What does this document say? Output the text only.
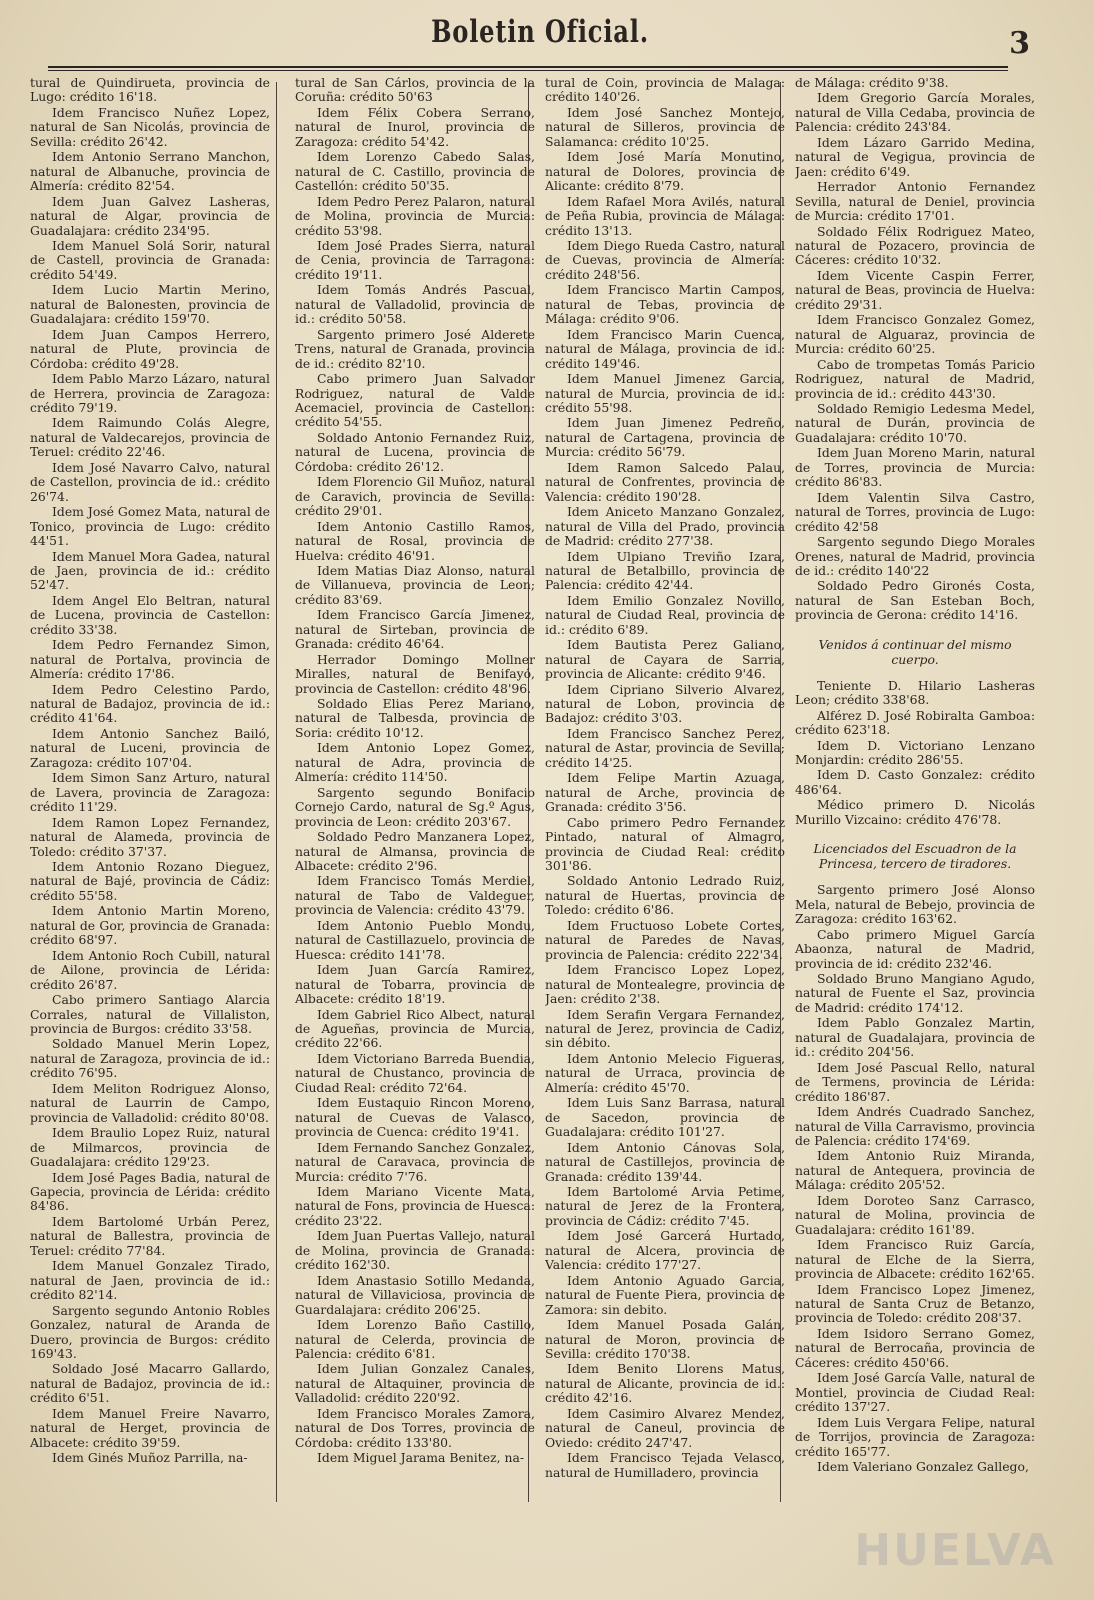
Boletin Oficial.	3

tural de Quindirueta, provincia de Lugo: crédito 16'18.

Idem Francisco Nuñez Lopez, natural de San Nicolás, provincia de Sevilla: crédito 26'42.

Idem Antonio Serrano Manchon, natural de Albanuche, provincia de Almería: crédito 82'54.

Idem Juan Galvez Lasheras, natural de Algar, provincia de Guadalajara: crédito 234'95.

Idem Manuel Solá Sorir, natural de Castell, provincia de Granada: crédito 54'49.

Idem Lucio Martin Merino, natural de Balonesten, provincia de Guadalajara: crédito 159'70.

Idem Juan Campos Herrero, natural de Plute, provincia de Córdoba: crédito 49'28.

Idem Pablo Marzo Lázaro, natural de Herrera, provincia de Zaragoza: crédito 79'19.

Idem Raimundo Colás Alegre, natural de Valdecarejos, provincia de Teruel: crédito 22'46.

Idem José Navarro Calvo, natural de Castellon, provincia de id.: crédito 26'74.

Idem José Gomez Mata, natural de Tonico, provincia de Lugo: crédito 44'51.

Idem Manuel Mora Gadea, natural de Jaen, provincia de id.: crédito 52'47.

Idem Angel Elo Beltran, natural de Lucena, provincia de Castellon: crédito 33'38.

Idem Pedro Fernandez Simon, natural de Portalva, provincia de Almería: crédito 17'86.

Idem Pedro Celestino Pardo, natural de Badajoz, provincia de id.: crédito 41'64.

Idem Antonio Sanchez Bailó, natural de Luceni, provincia de Zaragoza: crédito 107'04.

Idem Simon Sanz Arturo, natural de Lavera, provincia de Zaragoza: crédito 11'29.

Idem Ramon Lopez Fernandez, natural de Alameda, provincia de Toledo: crédito 37'37.

Idem Antonio Rozano Dieguez, natural de Bajé, provincia de Cádiz: crédito 55'58.

Idem Antonio Martin Moreno, natural de Gor, provincia de Granada: crédito 68'97.

Idem Antonio Roch Cubill, natural de Ailone, provincia de Lérida: crédito 26'87.

Cabo primero Santiago Alarcia Corrales, natural de Villaliston, provincia de Burgos: crédito 33'58.

Soldado Manuel Merin Lopez, natural de Zaragoza, provincia de id.: crédito 76'95.

Idem Meliton Rodriguez Alonso, natural de Laurrin de Campo, provincia de Valladolid: crédito 80'08.

Idem Braulio Lopez Ruiz, natural de Milmarcos, provincia de Guadalajara: crédito 129'23.

Idem José Pages Badia, natural de Gapecia, provincia de Lérida: crédito 84'86.

Idem Bartolomé Urbán Perez, natural de Ballestra, provincia de Teruel: crédito 77'84.

Idem Manuel Gonzalez Tirado, natural de Jaen, provincia de id.: crédito 82'14.

Sargento segundo Antonio Robles Gonzalez, natural de Aranda de Duero, provincia de Burgos: crédito 169'43.

Soldado José Macarro Gallardo, natural de Badajoz, provincia de id.: crédito 6'51.

Idem Manuel Freire Navarro, natural de Herget, provincia de Albacete: crédito 39'59.

Idem Ginés Muñoz Parrilla, na-

tural de San Cárlos, provincia de la Coruña: crédito 50'63

Idem Félix Cobera Serrano, natural de Inurol, provincia de Zaragoza: crédito 54'42.

Idem Lorenzo Cabedo Salas, natural de C. Castillo, provincia de Castellón: crédito 50'35.

Idem Pedro Perez Palaron, natural de Molina, provincia de Murcia: crédito 53'98.

Idem José Prades Sierra, natural de Cenia, provincia de Tarragona: crédito 19'11.

Idem Tomás Andrés Pascual, natural de Valladolid, provincia de id.: crédito 50'58.

Sargento primero José Alderete Trens, natural de Granada, provincia de id.: crédito 82'10.

Cabo primero Juan Salvador Rodriguez, natural de Valde Acemaciel, provincia de Castellon: crédito 54'55.

Soldado Antonio Fernandez Ruiz, natural de Lucena, provincia de Córdoba: crédito 26'12.

Idem Florencio Gil Muñoz, natural de Caravich, provincia de Sevilla: crédito 29'01.

Idem Antonio Castillo Ramos, natural de Rosal, provincia de Huelva: crédito 46'91.

Idem Matias Diaz Alonso, natural de Villanueva, provincia de Leon; crédito 83'69.

Idem Francisco García Jimenez, natural de Sirteban, provincia de Granada: crédito 46'64.

Herrador Domingo Mollner Miralles, natural de Benifayó, provincia de Castellon: crédito 48'96.

Soldado Elias Perez Mariano, natural de Talbesda, provincia de Soria: crédito 10'12.

Idem Antonio Lopez Gomez, natural de Adra, provincia de Almería: crédito 114'50.

Sargento segundo Bonifacio Cornejo Cardo, natural de Sg.º Agus, provincia de Leon: crédito 203'67.

Soldado Pedro Manzanera Lopez, natural de Almansa, provincia de Albacete: crédito 2'96.

Idem Francisco Tomás Merdiel, natural de Tabo de Valdeguer, provincia de Valencia: crédito 43'79.

Idem Antonio Pueblo Mondu, natural de Castillazuelo, provincia de Huesca: crédito 141'78.

Idem Juan García Ramirez, natural de Tobarra, provincia de Albacete: crédito 18'19.

Idem Gabriel Rico Albect, natural de Agueñas, provincia de Murcia, crédito 22'66.

Idem Victoriano Barreda Buendia, natural de Chustanco, provincia de Ciudad Real: crédito 72'64.

Idem Eustaquio Rincon Moreno, natural de Cuevas de Valasco, provincia de Cuenca: crédito 19'41.

Idem Fernando Sanchez Gonzalez, natural de Caravaca, provincia de Murcia: crédito 7'76.

Idem Mariano Vicente Mata, natural de Fons, provincia de Huesca: crédito 23'22.

Idem Juan Puertas Vallejo, natural de Molina, provincia de Granada: crédito 162'30.

Idem Anastasio Sotillo Medanda, natural de Villaviciosa, provincia de Guardalajara: crédito 206'25.

Idem Lorenzo Baño Castillo, natural de Celerda, provincia de Palencia: crédito 6'81.

Idem Julian Gonzalez Canales, natural de Altaquiner, provincia de Valladolid: crédito 220'92.

Idem Francisco Morales Zamora, natural de Dos Torres, provincia de Córdoba: crédito 133'80.

Idem Miguel Jarama Benitez, na-

tural de Coin, provincia de Malaga: crédito 140'26.

Idem José Sanchez Montejo, natural de Silleros, provincia de Salamanca: crédito 10'25.

Idem José María Monutino, natural de Dolores, provincia de Alicante: crédito 8'79.

Idem Rafael Mora Avilés, natural de Peña Rubia, provincia de Málaga: crédito 13'13.

Idem Diego Rueda Castro, natural de Cuevas, provincia de Almería: crédito 248'56.

Idem Francisco Martin Campos, natural de Tebas, provincia de Málaga: crédito 9'06.

Idem Francisco Marin Cuenca, natural de Málaga, provincia de id.: crédito 149'46.

Idem Manuel Jimenez Garcia, natural de Murcia, provincia de id.: crédito 55'98.

Idem Juan Jimenez Pedreño, natural de Cartagena, provincia de Murcia: crédito 56'79.

Idem Ramon Salcedo Palau, natural de Confrentes, provincia de Valencia: crédito 190'28.

Idem Aniceto Manzano Gonzalez, natural de Villa del Prado, provincia de Madrid: crédito 277'38.

Idem Ulpiano Treviño Izara, natural de Betalbillo, provincia de Palencia: crédito 42'44.

Idem Emilio Gonzalez Novillo, natural de Ciudad Real, provincia de id.: crédito 6'89.

Idem Bautista Perez Galiano, natural de Cayara de Sarria, provincia de Alicante: crédito 9'46.

Idem Cipriano Silverio Alvarez, natural de Lobon, provincia de Badajoz: crédito 3'03.

Idem Francisco Sanchez Perez, natural de Astar, provincia de Sevilla; crédito 14'25.

Idem Felipe Martin Azuaga, natural de Arche, provincia de Granada: crédito 3'56.

Cabo primero Pedro Fernandez Pintado, natural of Almagro, provincia de Ciudad Real: crédito 301'86.

Soldado Antonio Ledrado Ruiz, natural de Huertas, provincia de Toledo: crédito 6'86.

Idem Fructuoso Lobete Cortes, natural de Paredes de Navas, provincia de Palencia: crédito 222'34.

Idem Francisco Lopez Lopez, natural de Montealegre, provincia de Jaen: crédito 2'38.

Idem Serafin Vergara Fernandez, natural de Jerez, provincia de Cadiz, sin débito.

Idem Antonio Melecio Figueras, natural de Urraca, provincia de Almería: crédito 45'70.

Idem Luis Sanz Barrasa, natural de Sacedon, provincia de Guadalajara: crédito 101'27.

Idem Antonio Cánovas Sola, natural de Castillejos, provincia de Granada: crédito 139'44.

Idem Bartolomé Arvia Petime, natural de Jerez de la Frontera, provincia de Cádiz: crédito 7'45.

Idem José Garcerá Hurtado, natural de Alcera, provincia de Valencia: crédito 177'27.

Idem Antonio Aguado Garcia, natural de Fuente Piera, provincia de Zamora: sin debito.

Idem Manuel Posada Galán, natural de Moron, provincia de Sevilla: crédito 170'38.

Idem Benito Llorens Matus, natural de Alicante, provincia de id.: crédito 42'16.

Idem Casimiro Alvarez Mendez, natural de Caneul, provincia de Oviedo: crédito 247'47.

Idem Francisco Tejada Velasco, natural de Humilladero, provincia

de Málaga: crédito 9'38.

Idem Gregorio García Morales, natural de Villa Cedaba, provincia de Palencia: crédito 243'84.

Idem Lázaro Garrido Medina, natural de Vegigua, provincia de Jaen: crédito 6'49.

Herrador Antonio Fernandez Sevilla, natural de Deniel, provincia de Murcia: crédito 17'01.

Soldado Félix Rodriguez Mateo, natural de Pozacero, provincia de Cáceres: crédito 10'32.

Idem Vicente Caspin Ferrer, natural de Beas, provincia de Huelva: crédito 29'31.

Idem Francisco Gonzalez Gomez, natural de Alguaraz, provincia de Murcia: crédito 60'25.

Cabo de trompetas Tomás Paricio Rodriguez, natural de Madrid, provincia de id.: crédito 443'30.

Soldado Remigio Ledesma Medel, natural de Durán, provincia de Guadalajara: crédito 10'70.

Idem Juan Moreno Marin, natural de Torres, provincia de Murcia: crédito 86'83.

Idem Valentin Silva Castro, natural de Torres, provincia de Lugo: crédito 42'58

Sargento segundo Diego Morales Orenes, natural de Madrid, provincia de id.: crédito 140'22

Soldado Pedro Gironés Costa, natural de San Esteban Boch, provincia de Gerona: crédito 14'16.

Venidos á continuar del mismo cuerpo.

Teniente D. Hilario Lasheras Leon; crédito 338'68.

Alférez D. José Robiralta Gamboa: crédito 623'18.

Idem D. Victoriano Lenzano Monjardin: crédito 286'55.

Idem D. Casto Gonzalez: crédito 486'64.

Médico primero D. Nicolás Murillo Vizcaino: crédito 476'78.

Licenciados del Escuadron de la Princesa, tercero de tiradores.

Sargento primero José Alonso Mela, natural de Bebejo, provincia de Zaragoza: crédito 163'62.

Cabo primero Miguel García Abaonza, natural de Madrid, provincia de id: crédito 232'46.

Soldado Bruno Mangiano Agudo, natural de Fuente el Saz, provincia de Madrid: crédito 174'12.

Idem Pablo Gonzalez Martin, natural de Guadalajara, provincia de id.: crédito 204'56.

Idem José Pascual Rello, natural de Termens, provincia de Lérida: crédito 186'87.

Idem Andrés Cuadrado Sanchez, natural de Villa Carravismo, provincia de Palencia: crédito 174'69.

Idem Antonio Ruiz Miranda, natural de Antequera, provincia de Málaga: crédito 205'52.

Idem Doroteo Sanz Carrasco, natural de Molina, provincia de Guadalajara: crédito 161'89.

Idem Francisco Ruiz García, natural de Elche de la Sierra, provincia de Albacete: crédito 162'65.

Idem Francisco Lopez Jimenez, natural de Santa Cruz de Betanzo, provincia de Toledo: crédito 208'37.

Idem Isidoro Serrano Gomez, natural de Berrocaña, provincia de Cáceres: crédito 450'66.

Idem José García Valle, natural de Montiel, provincia de Ciudad Real: crédito 137'27.

Idem Luis Vergara Felipe, natural de Torrijos, provincia de Zaragoza: crédito 165'77.

Idem Valeriano Gonzalez Gallego,

HUELVA
